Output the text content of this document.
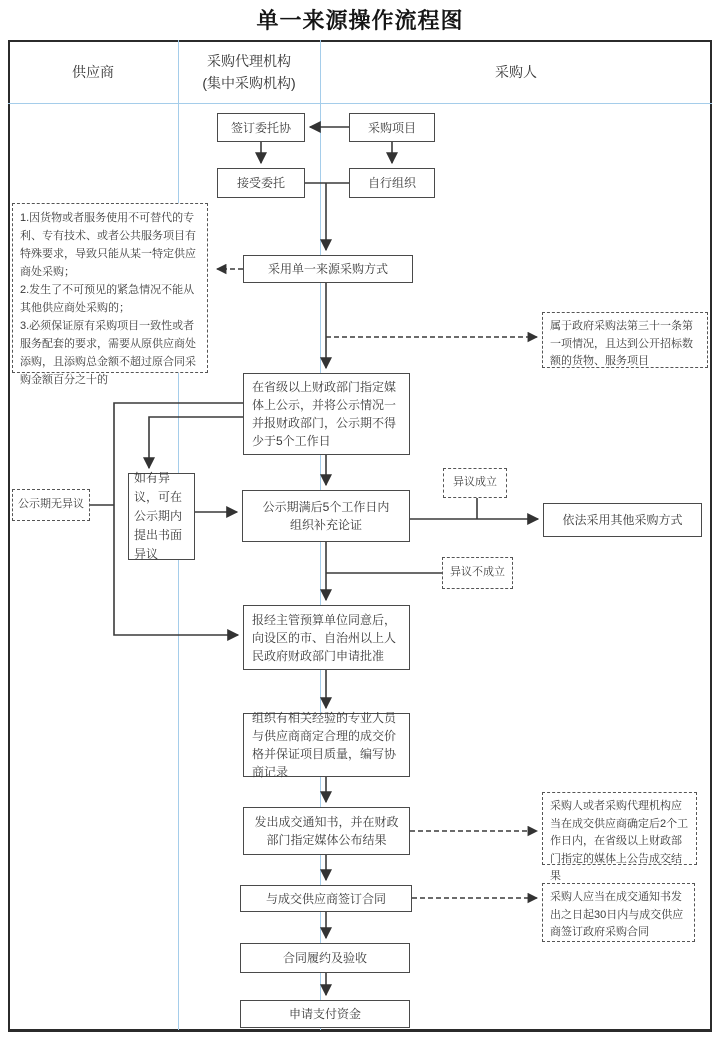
单一来源操作流程图
供应商
采购代理机构
(集中采购机构)
采购人
签订委托协	采购项目
接受委托	自行组织
采用单一来源采购方式
在省级以上财政部门指定媒体上公示，并将公示情况一并报财政部门，公示期不得少于5个工作日
如有异议，可在公示期内提出书面异议
公示期满后5个工作日内
组织补充论证	依法采用其他采购方式
报经主管预算单位同意后，向设区的市、自治州以上人民政府财政部门申请批准
组织有相关经验的专业人员与供应商商定合理的成交价格并保证项目质量，编写协商记录
发出成交通知书，并在财政部门指定媒体公布结果
与成交供应商签订合同
合同履约及验收
申请支付资金

1.因货物或者服务使用不可替代的专利、专有技术、或者公共服务项目有特殊要求，导致只能从某一特定供应商处采购；

2.发生了不可预见的紧急情况不能从其他供应商处采购的；

3.必须保证原有采购项目一致性或者服务配套的要求，需要从原供应商处添购，且添购总金额不超过原合同采购金额百分之十的

属于政府采购法第三十一条第一项情况，且达到公开招标数额的货物、服务项目
公示期无异议
异议成立
异议不成立
采购人或者采购代理机构应当在成交供应商确定后2个工作日内，在省级以上财政部门指定的媒体上公告成交结果
采购人应当在成交通知书发出之日起30日内与成交供应商签订政府采购合同
